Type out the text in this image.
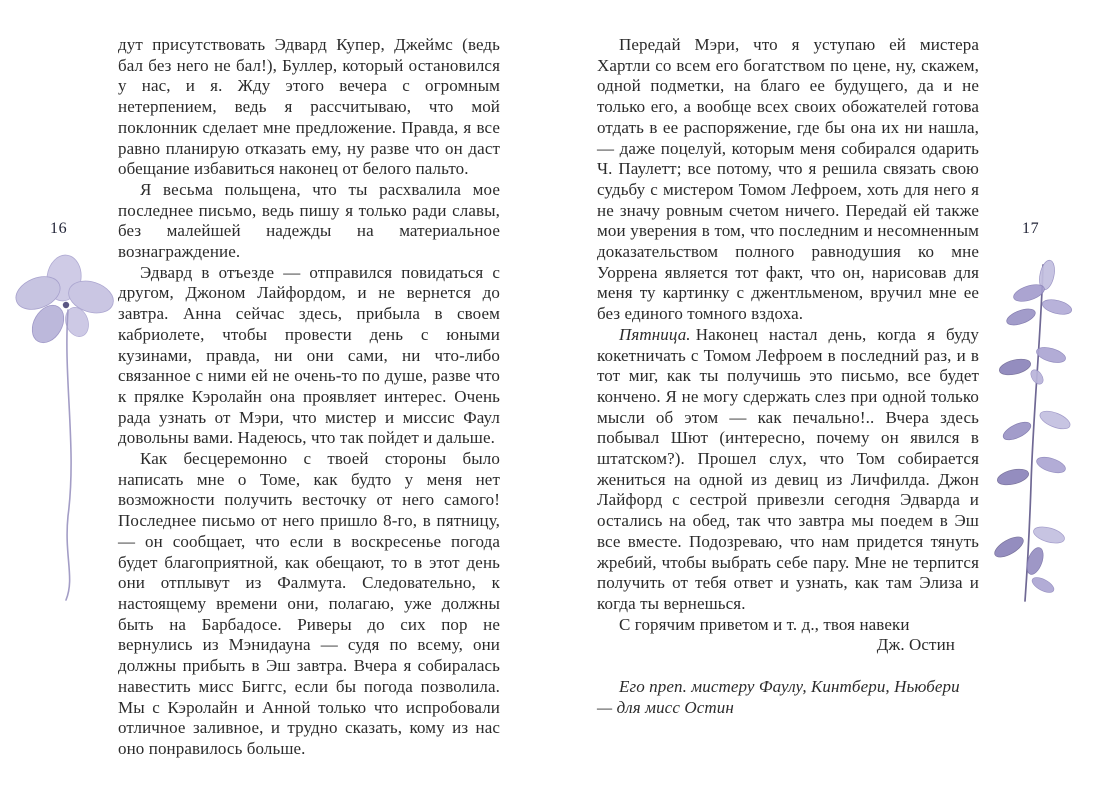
16	17

дут присутствовать Эдвард Купер, Джеймс (ведь бал без него не бал!), Буллер, который остановился у нас, и я. Жду этого вечера с огромным нетерпением, ведь я рассчитываю, что мой поклонник сделает мне предложение. Правда, я все равно планирую отказать ему, ну разве что он даст обещание избавиться наконец от белого пальто.

Я весьма польщена, что ты расхвалила мое последнее письмо, ведь пишу я только ради славы, без малейшей надежды на материальное вознаграждение.

Эдвард в отъезде — отправился повидаться с другом, Джоном Лайфордом, и не вернется до завтра. Анна сейчас здесь, прибыла в своем кабриолете, чтобы провести день с юными кузинами, правда, ни они сами, ни что-либо связанное с ними ей не очень-то по душе, разве что к прялке Кэролайн она проявляет интерес. Очень рада узнать от Мэри, что мистер и миссис Фаул довольны вами. Надеюсь, что так пойдет и дальше.

Как бесцеремонно с твоей стороны было написать мне о Томе, как будто у меня нет возможности получить весточку от него самого! Последнее письмо от него пришло 8-го, в пятницу, — он сообщает, что если в воскресенье погода будет благоприятной, как обещают, то в этот день они отплывут из Фалмута. Следовательно, к настоящему времени они, полагаю, уже должны быть на Барбадосе. Риверы до сих пор не вернулись из Мэнидауна — судя по всему, они должны прибыть в Эш завтра. Вчера я собиралась навестить мисс Биггс, если бы погода позволила. Мы с Кэролайн и Анной только что испробовали отличное заливное, и трудно сказать, кому из нас оно понравилось больше.

Передай Мэри, что я уступаю ей мистера Хартли со всем его богатством по цене, ну, скажем, одной подметки, на благо ее будущего, да и не только его, а вообще всех своих обожателей готова отдать в ее распоряжение, где бы она их ни нашла, — даже поцелуй, которым меня собирался одарить Ч. Паулетт; все потому, что я решила связать свою судьбу с мистером Томом Лефроем, хоть для него я не значу ровным счетом ничего. Передай ей также мои уверения в том, что последним и несомненным доказательством полного равнодушия ко мне Уоррена является тот факт, что он, нарисовав для меня ту картинку с джентльменом, вручил мне ее без единого томного вздоха.

Пятница. Наконец настал день, когда я буду кокетничать с Томом Лефроем в последний раз, и в тот миг, как ты получишь это письмо, все будет кончено. Я не могу сдержать слез при одной только мысли об этом — как печально!.. Вчера здесь побывал Шют (интересно, почему он явился в штатском?). Прошел слух, что Том собирается жениться на одной из девиц из Личфилда. Джон Лайфорд с сестрой привезли сегодня Эдварда и остались на обед, так что завтра мы поедем в Эш все вместе. Подозреваю, что нам придется тянуть жребий, чтобы выбрать себе пару. Мне не терпится получить от тебя ответ и узнать, как там Элиза и когда ты вернешься.

С горячим приветом и т. д., твоя навеки

Дж. Остин

Его преп. мистеру Фаулу, Кинтбери, Ньюбери — для мисс Остин
